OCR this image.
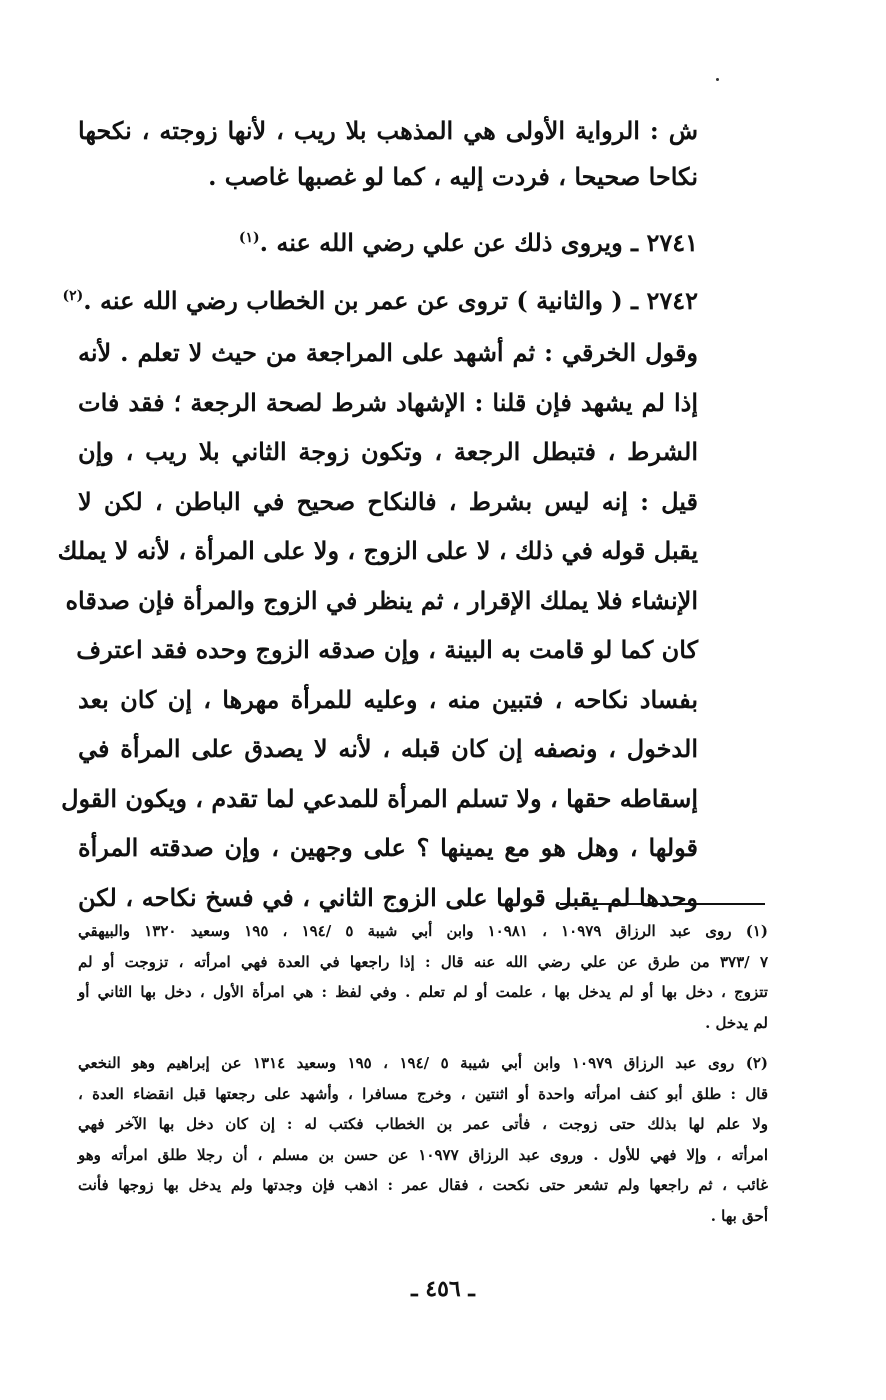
ش : الرواية الأولى هي المذهب بلا ريب ، لأنها زوجته ، نكحها
نكاحا صحيحا ، فردت إليه ، كما لو غصبها غاصب .
٢٧٤١ ـ ويروى ذلك عن علي رضي الله عنه .$^{(١)}$
٢٧٤٢ ـ ( والثانية ) تروى عن عمر بن الخطاب رضي الله عنه .$^{(٢)}$
وقول الخرقي : ثم أشهد على المراجعة من حيث لا تعلم . لأنه
إذا لم يشهد فإن قلنا : الإشهاد شرط لصحة الرجعة ؛ فقد فات
الشرط ، فتبطل الرجعة ، وتكون زوجة الثاني بلا ريب ، وإن
قيل : إنه ليس بشرط ، فالنكاح صحيح في الباطن ، لكن لا
يقبل قوله في ذلك ، لا على الزوج ، ولا على المرأة ، لأنه لا يملك
الإنشاء فلا يملك الإقرار ، ثم ينظر في الزوج والمرأة فإن صدقاه
كان كما لو قامت به البينة ، وإن صدقه الزوج وحده فقد اعترف
بفساد نكاحه ، فتبين منه ، وعليه للمرأة مهرها ، إن كان بعد
الدخول ، ونصفه إن كان قبله ، لأنه لا يصدق على المرأة في
إسقاطه حقها ، ولا تسلم المرأة للمدعي لما تقدم ، ويكون القول
قولها ، وهل هو مع يمينها ؟ على وجهين ، وإن صدقته المرأة
وحدها لم يقبل قولها على الزوج الثاني ، في فسخ نكاحه ، لكن
(١) روى عبد الرزاق ١٠٩٧٩ ، ١٠٩٨١ وابن أبي شيبة ٥ /١٩٤ ، ١٩٥ وسعيد ١٣٢٠ والبيهقي
٧ /٣٧٣ من طرق عن علي رضي الله عنه قال : إذا راجعها في العدة فهي امرأته ، تزوجت أو لم
تتزوج ، دخل بها أو لم يدخل بها ، علمت أو لم تعلم . وفي لفظ : هي امرأة الأول ، دخل بها الثاني أو
لم يدخل .
(٢) روى عبد الرزاق ١٠٩٧٩ وابن أبي شيبة ٥ /١٩٤ ، ١٩٥ وسعيد ١٣١٤ عن إبراهيم وهو النخعي
قال : طلق أبو كنف امرأته واحدة أو اثنتين ، وخرج مسافرا ، وأشهد على رجعتها قبل انقضاء العدة ،
ولا علم لها بذلك حتى زوجت ، فأتى عمر بن الخطاب فكتب له : إن كان دخل بها الآخر فهي
امرأته ، وإلا فهي للأول . وروى عبد الرزاق ١٠٩٧٧ عن حسن بن مسلم ، أن رجلا طلق امرأته وهو
غائب ، ثم راجعها ولم تشعر حتى نكحت ، فقال عمر : اذهب فإن وجدتها ولم يدخل بها زوجها فأنت
أحق بها .
ـ ٤٥٦ ـ
